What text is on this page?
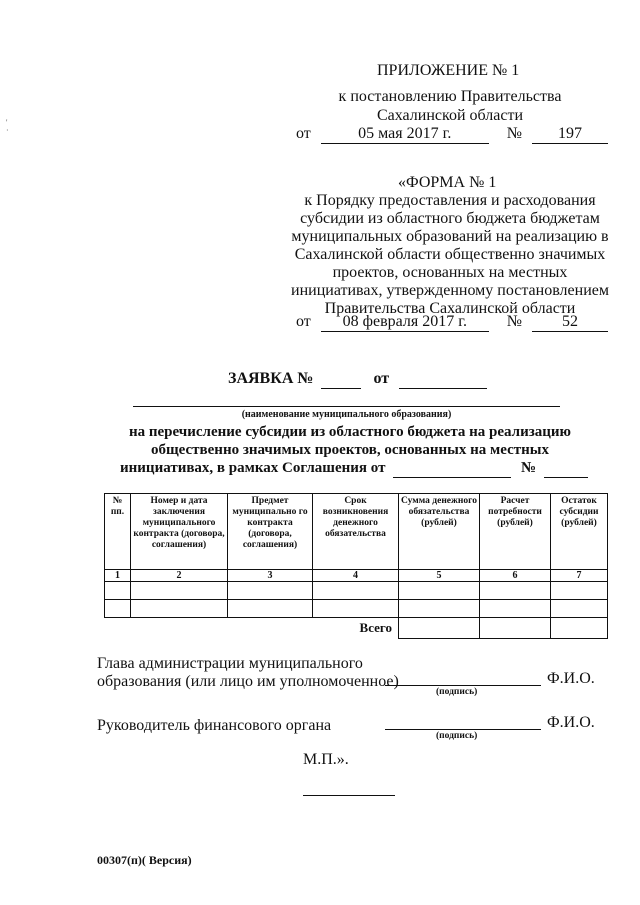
'
·
ПРИЛОЖЕНИЕ № 1
к постановлению Правительства
Сахалинской области
от	05 мая 2017 г.	№ 197
«ФОРМА № 1
к Порядку предоставления и расходования
субсидии из областного бюджета бюджетам
муниципальных образований на реализацию в
Сахалинской области общественно значимых
проектов, основанных на местных
инициативах, утвержденному постановлением
Правительства Сахалинской области
от 08 февраля 2017 г. №	52
ЗАЯВКА №	от
(наименование муниципального образования)
на перечисление субсидии из областного бюджета на реализацию
общественно значимых проектов, основанных на местных
инициативах, в рамках Соглашения от	№
№ пп.	Номер и дата заключения муниципального контракта (договора, соглашения)	Предмет муниципально го контракта (договора, соглашения)	Срок возникновения денежного обязательства	Сумма денежного обязательства (рублей)	Расчет потребности (рублей)	Остаток субсидии (рублей)
1	2	3	4	5	6	7

Всего						
Глава администрации муниципального
образования (или лицо им уполномоченное)	Ф.И.О.
(подпись)
Руководитель финансового органа	Ф.И.О.
(подпись)
М.П.».
00307(п)( Версия)
